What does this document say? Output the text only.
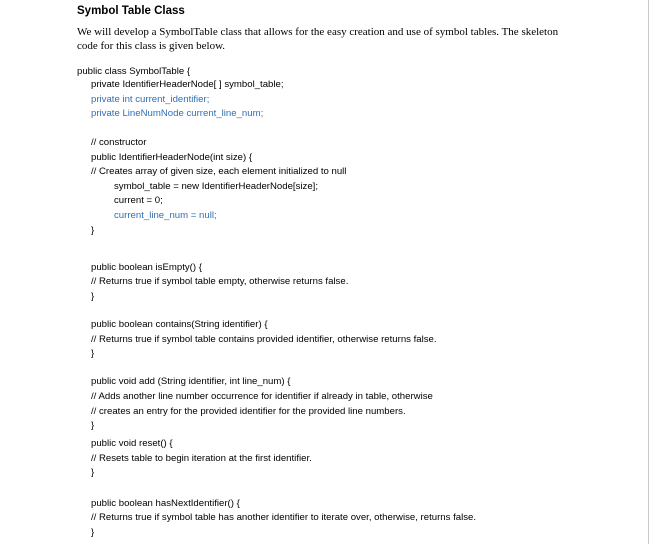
Symbol Table Class
We will develop a SymbolTable class that allows for the easy creation and use of symbol tables. The skeleton
code for this class is given below.
public class SymbolTable {
private IdentifierHeaderNode[ ] symbol_table;
private int current_identifier;
private LineNumNode current_line_num;
// constructor
public IdentifierHeaderNode(int size) {
// Creates array of given size, each element initialized to null
symbol_table = new IdentifierHeaderNode[size];
current = 0;
current_line_num = null;
}
public boolean isEmpty() {
// Returns true if symbol table empty, otherwise returns false.
}
public boolean contains(String identifier) {
// Returns true if symbol table contains provided identifier, otherwise returns false.
}
public void add (String identifier, int line_num) {
// Adds another line number occurrence for identifier if already in table, otherwise
// creates an entry for the provided identifier for the provided line numbers.
}
public void reset() {
// Resets table to begin iteration at the first identifier.
}
public boolean hasNextIdentifier() {
// Returns true if symbol table has another identifier to iterate over, otherwise, returns false.
}
